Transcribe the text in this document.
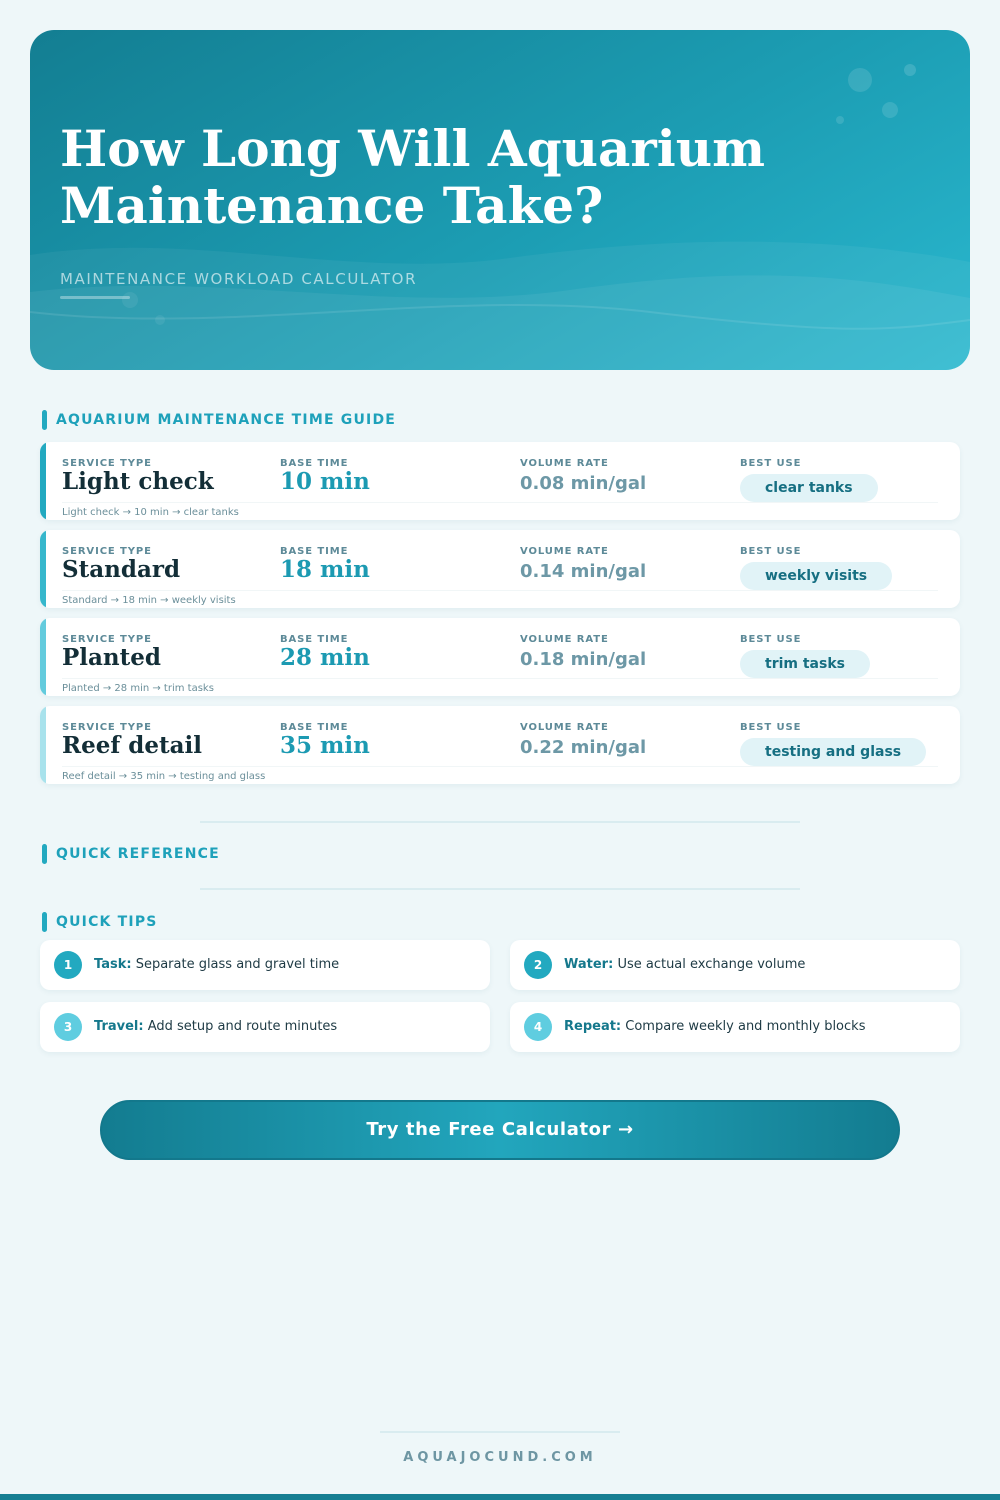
How Long Will Aquarium Maintenance Take?
MAINTENANCE WORKLOAD CALCULATOR
AQUARIUM MAINTENANCE TIME GUIDE
SERVICE TYPE	BASE TIME	VOLUME RATE	BEST USE
Light check	10 min	0.08 min/gal	clear tanks
Light check → 10 min → clear tanks
SERVICE TYPE	BASE TIME	VOLUME RATE	BEST USE
Standard	18 min	0.14 min/gal	weekly visits
Standard → 18 min → weekly visits
SERVICE TYPE	BASE TIME	VOLUME RATE	BEST USE
Planted	28 min	0.18 min/gal	trim tasks
Planted → 28 min → trim tasks
SERVICE TYPE	BASE TIME	VOLUME RATE	BEST USE
Reef detail	35 min	0.22 min/gal	testing and glass
Reef detail → 35 min → testing and glass
QUICK REFERENCE
QUICK TIPS
1	Task: Separate glass and gravel time	2	Water: Use actual exchange volume
3	Travel: Add setup and route minutes	4	Repeat: Compare weekly and monthly blocks
Try the Free Calculator →
AQUAJOCUND.COM
